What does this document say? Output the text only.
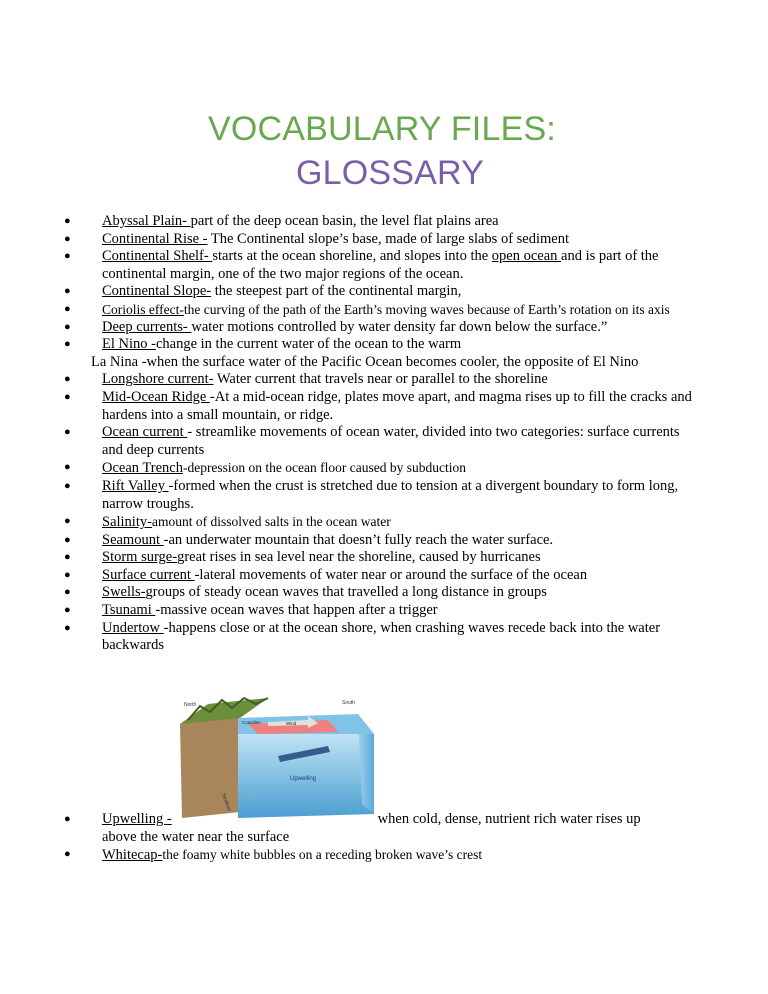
VOCABULARY FILES:
GLOSSARY
● Abyssal Plain- part of the deep ocean basin, the level flat plains area
● Continental Rise - The Continental slope’s base, made of large slabs of sediment
● Continental Shelf- starts at the ocean shoreline, and slopes into the open ocean and is part of the continental margin, one of the two major regions of the ocean.
● Continental Slope- the steepest part of the continental margin,
● Coriolis effect-the curving of the path of the Earth’s moving waves because of Earth’s rotation on its axis
● Deep currents- water motions controlled by water density far down below the surface.”
● El Nino -change in the current water of the ocean to the warm
La Nina -when the surface water of the Pacific Ocean becomes cooler, the opposite of El Nino
● Longshore current- Water current that travels near or parallel to the shoreline
● Mid-Ocean Ridge -At a mid-ocean ridge, plates move apart, and magma rises up to fill the cracks and hardens into a small mountain, or ridge.
● Ocean current - streamlike movements of ocean water, divided into two categories: surface currents and deep currents
● Ocean Trench-depression on the ocean floor caused by subduction
● Rift Valley -formed when the crust is stretched due to tension at a divergent boundary to form long, narrow troughs.
● Salinity-amount of dissolved salts in the ocean water
● Seamount -an underwater mountain that doesn’t fully reach the water surface.
● Storm surge-great rises in sea level near the shoreline, caused by hurricanes
● Surface current -lateral movements of water near or around the surface of the ocean
● Swells-groups of steady ocean waves that travelled a long distance in groups
● Tsunami -massive ocean waves that happen after a trigger
● Undertow -happens close or at the ocean shore, when crashing waves recede back into the water backwards
North	South
Coastline	Wind
Upwelling
Seafloor
● Upwelling -	when cold, dense, nutrient rich water rises up
above the water near the surface
● Whitecap-the foamy white bubbles on a receding broken wave’s crest
